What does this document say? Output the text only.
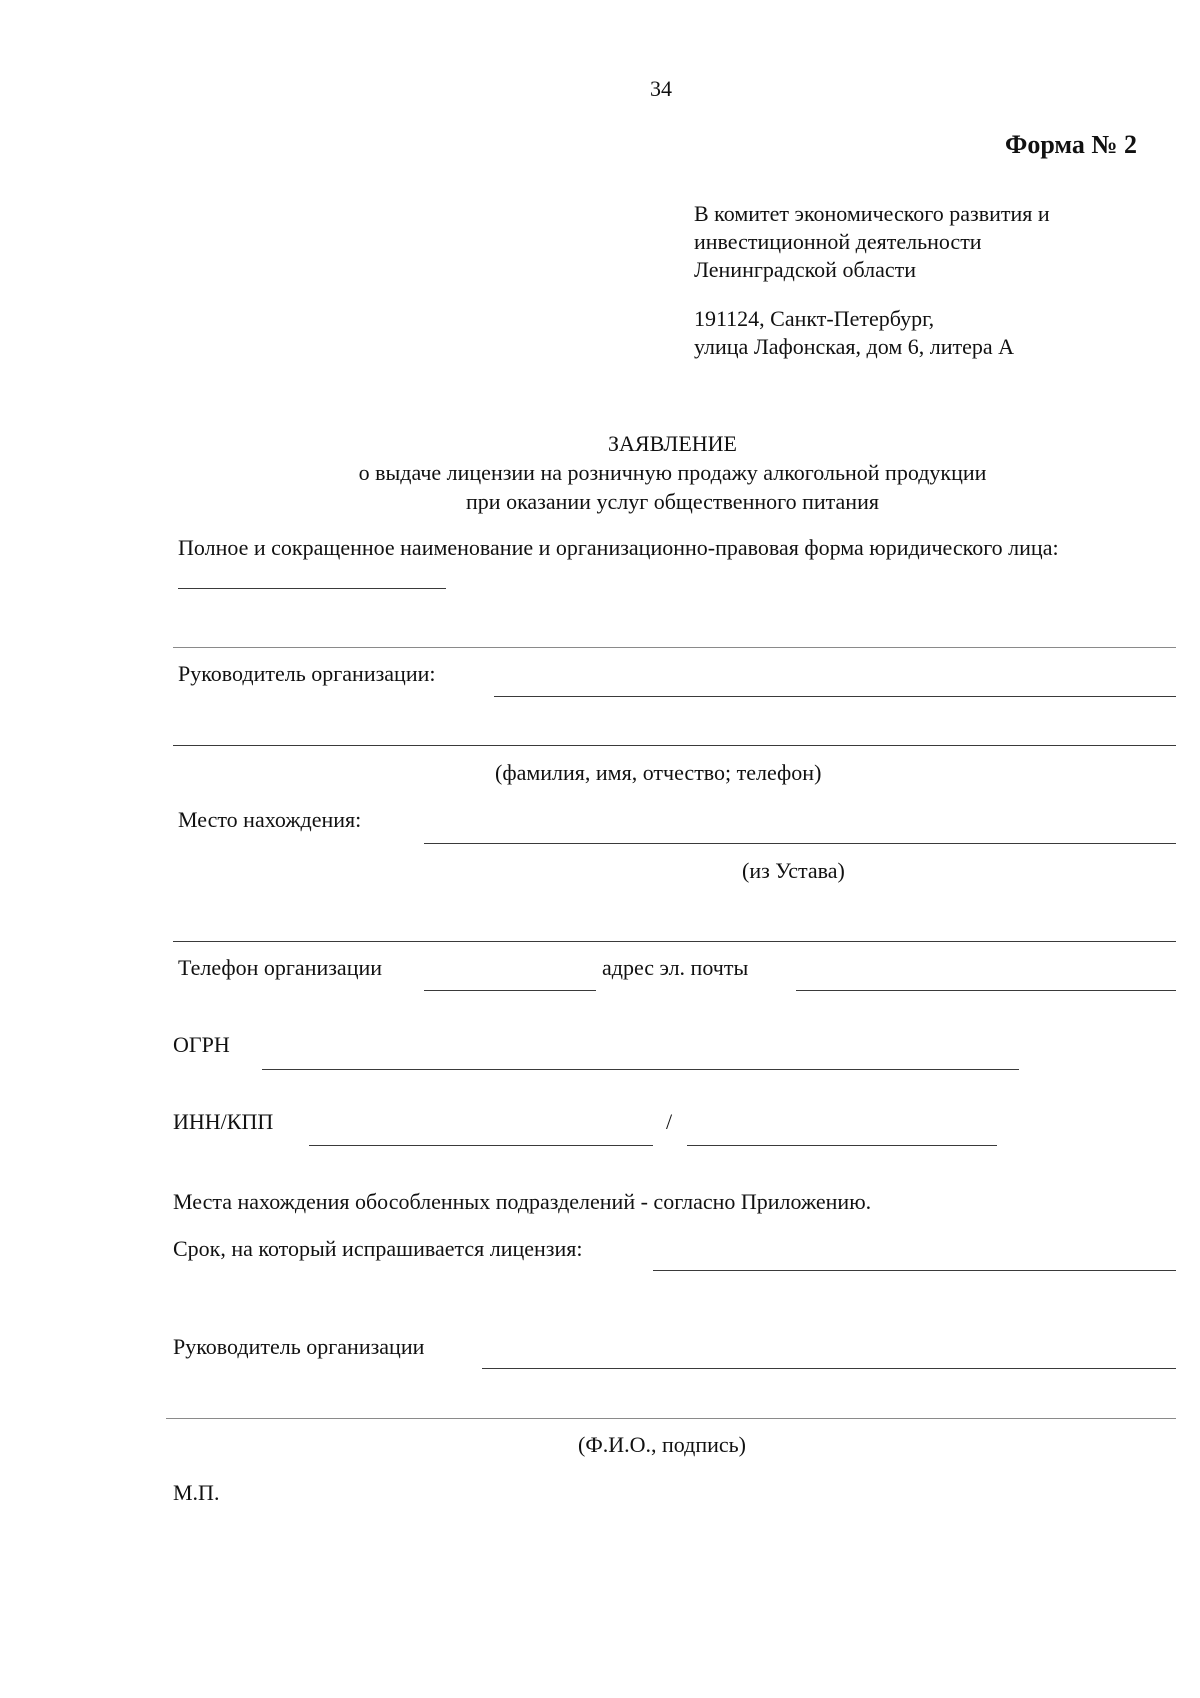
34
Форма № 2
В комитет экономического развития и
инвестиционной деятельности
Ленинградской области
191124, Санкт-Петербург,
улица Лафонская, дом 6, литера А
ЗАЯВЛЕНИЕ
о выдаче лицензии на розничную продажу алкогольной продукции
при оказании услуг общественного питания
Полное и сокращенное наименование и организационно-правовая форма юридического лица:
Руководитель организации:
(фамилия, имя, отчество; телефон)
Место нахождения:
(из Устава)
Телефон организации	адрес эл. почты
ОГРН
ИНН/КПП	/
Места нахождения обособленных подразделений - согласно Приложению.
Срок, на который испрашивается лицензия:
Руководитель организации
(Ф.И.О., подпись)
М.П.
